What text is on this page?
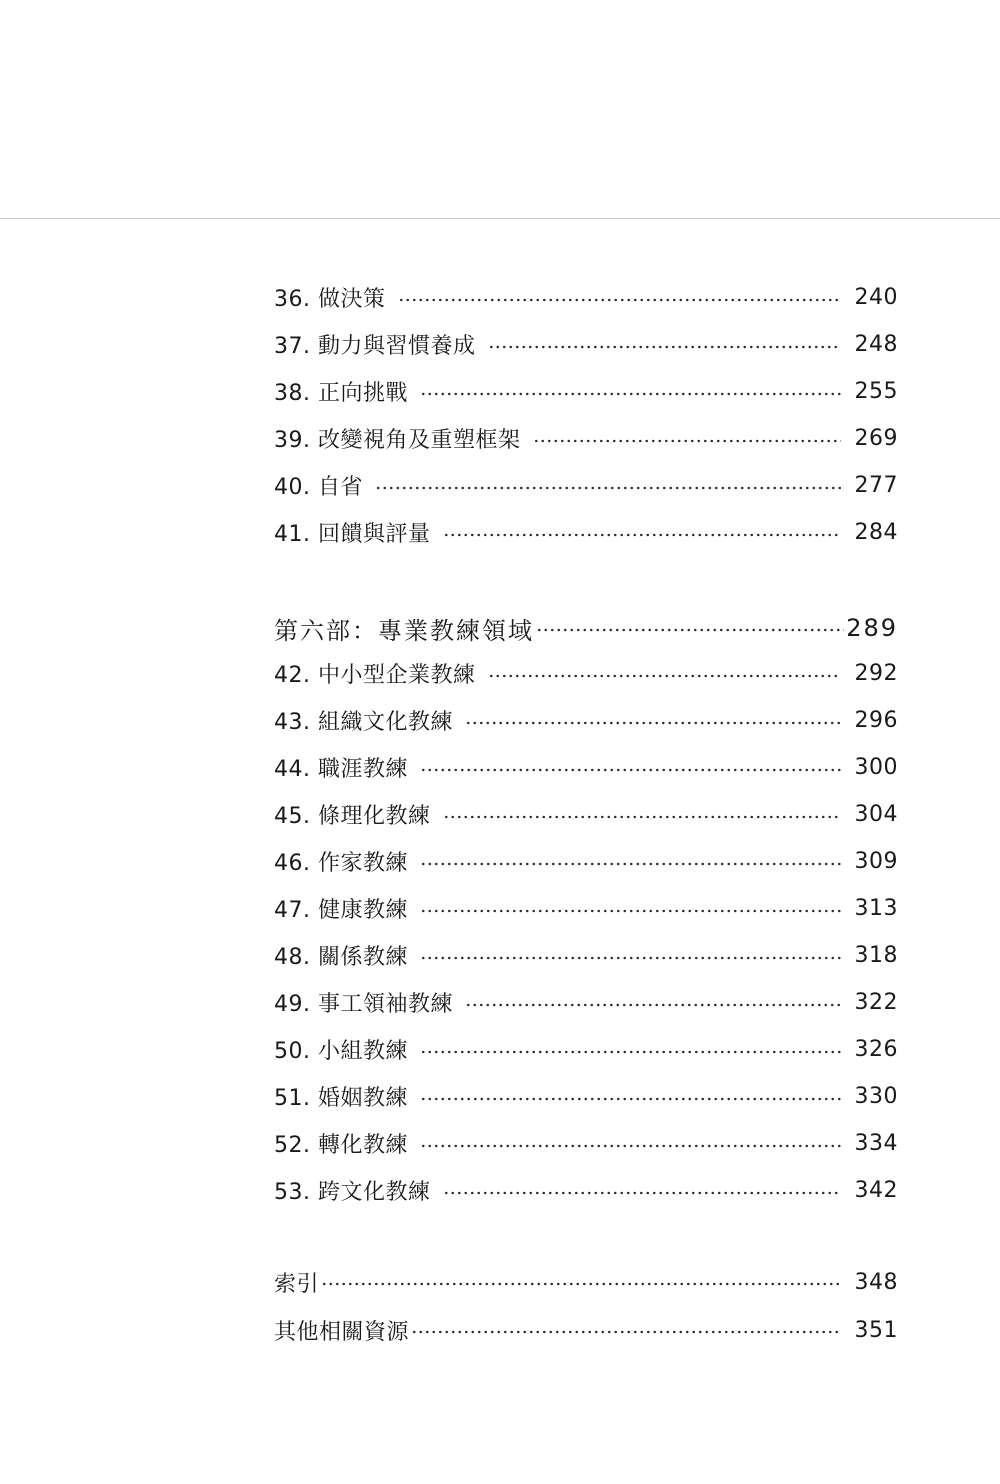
36. 做決策	240
37. 動力與習慣養成	248
38. 正向挑戰	255
39. 改變視角及重塑框架	269
40. 自省	277
41. 回饋與評量	284
第六部：專業教練領域	289
42. 中小型企業教練	292
43. 組織文化教練	296
44. 職涯教練	300
45. 條理化教練	304
46. 作家教練	309
47. 健康教練	313
48. 關係教練	318
49. 事工領袖教練	322
50. 小組教練	326
51. 婚姻教練	330
52. 轉化教練	334
53. 跨文化教練	342
索引	348
其他相關資源	351
